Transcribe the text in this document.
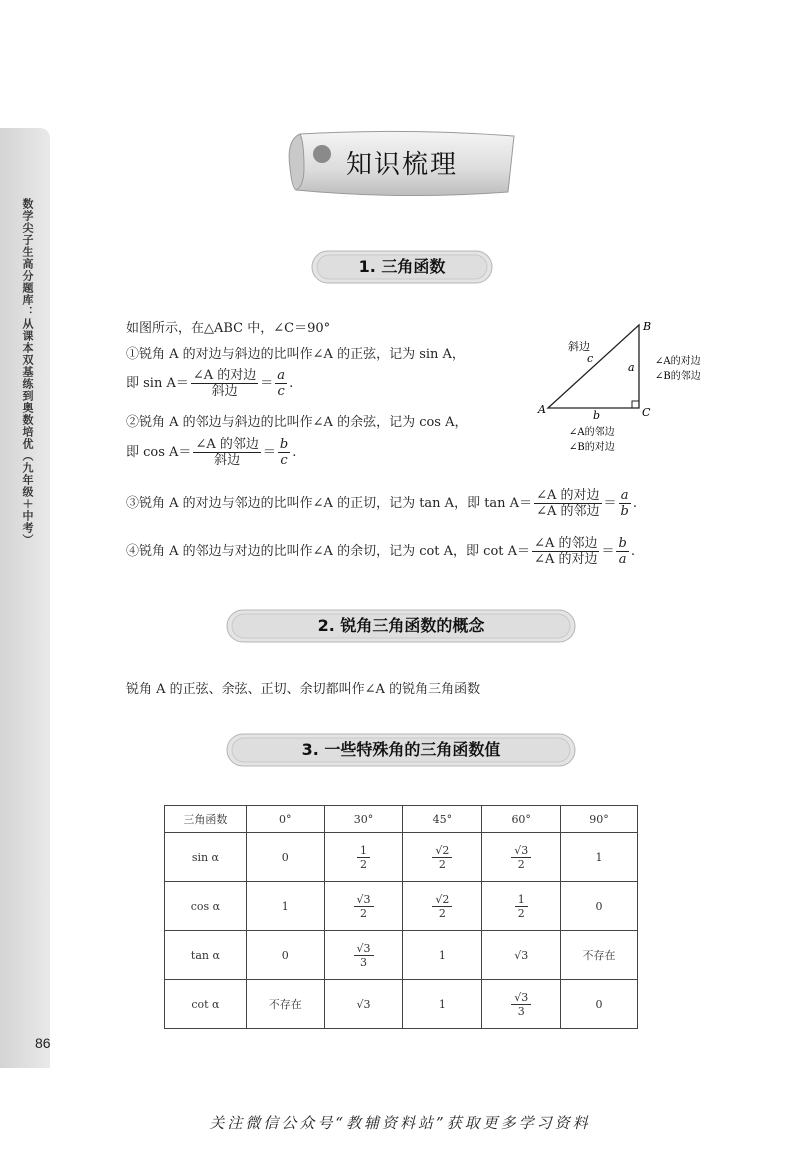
数学尖子生高分题库：从课本双基练到奥数培优（九年级＋中考）
86
知识梳理
1. 三角函数
2. 锐角三角函数的概念
3. 一些特殊角的三角函数值
如图所示，在△ABC 中，∠C＝90°
①锐角 A 的对边与斜边的比叫作∠A 的正弦，记为 sin A，
即 $\sin A= \frac{\text{∠A 的对边}}{\text{斜边}} = \frac{a}{c}$ .
②锐角 A 的邻边与斜边的比叫作∠A 的余弦，记为 cos A，
即 $\cos A= \frac{\text{∠A 的邻边}}{\text{斜边}} = \frac{b}{c}$ .
③锐角 A 的对边与邻边的比叫作∠A 的正切，记为 tan A，即 $\tan A= \frac{\text{∠A 的对边}}{\text{∠A 的邻边}} = \frac{a}{b}$ .
④锐角 A 的邻边与对边的比叫作∠A 的余切，记为 cot A，即 $\cot A= \frac{\text{∠A 的邻边}}{\text{∠A 的对边}} = \frac{b}{a}$ .
A
B
C
a
b
c
斜边
∠A的对边
∠B的邻边
∠A的邻边
∠B的对边
锐角 A 的正弦、余弦、正切、余切都叫作∠A 的锐角三角函数
三角函数	0°	30°	45°	60°	90°
sin α	0	$\frac{1}{2}$	$\frac{√2}{2}$	$\frac{√3}{2}$	1
cos α	1	$\frac{√3}{2}$	$\frac{√2}{2}$	$\frac{1}{2}$	0
tan α	0	$\frac{√3}{3}$	1	√3	不存在
cot α	不存在	√3	1	$\frac{√3}{3}$	0
关注微信公众号“教辅资料站”获取更多学习资料
